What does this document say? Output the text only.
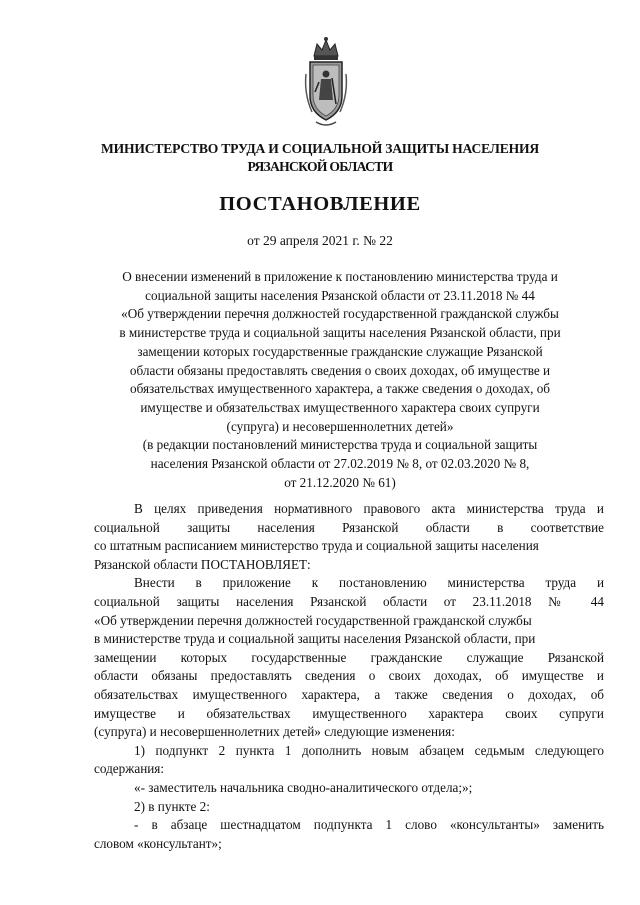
МИНИСТЕРСТВО ТРУДА И СОЦИАЛЬНОЙ ЗАЩИТЫ НАСЕЛЕНИЯ
РЯЗАНСКОЙ ОБЛАСТИ
ПОСТАНОВЛЕНИЕ
от 29 апреля 2021 г. № 22
О внесении изменений в приложение к постановлению министерства труда и
социальной защиты населения Рязанской области от 23.11.2018 № 44
«Об утверждении перечня должностей государственной гражданской службы
в министерстве труда и социальной защиты населения Рязанской области, при
замещении которых государственные гражданские служащие Рязанской
области обязаны предоставлять сведения о своих доходах, об имуществе и
обязательствах имущественного характера, а также сведения о доходах, об
имуществе и обязательствах имущественного характера своих супруги
(супруга) и несовершеннолетних детей»
(в редакции постановлений министерства труда и социальной защиты
населения Рязанской области от 27.02.2019 № 8, от 02.03.2020 № 8,
от 21.12.2020 № 61)
В целях приведения нормативного правового акта министерства труда и
социальной защиты населения Рязанской области в соответствие
со штатным расписанием министерство труда и социальной защиты населения
Рязанской области ПОСТАНОВЛЯЕТ:
Внести в приложение к постановлению министерства труда и
социальной защиты населения Рязанской области от 23.11.2018 № 44
«Об утверждении перечня должностей государственной гражданской службы
в министерстве труда и социальной защиты населения Рязанской области, при
замещении которых государственные гражданские служащие Рязанской
области обязаны предоставлять сведения о своих доходах, об имуществе и
обязательствах имущественного характера, а также сведения о доходах, об
имуществе и обязательствах имущественного характера своих супруги
(супруга) и несовершеннолетних детей» следующие изменения:
1) подпункт 2 пункта 1 дополнить новым абзацем седьмым следующего
содержания:
«- заместитель начальника сводно-аналитического отдела;»;
2) в пункте 2:
- в абзаце шестнадцатом подпункта 1 слово «консультанты» заменить
словом «консультант»;
